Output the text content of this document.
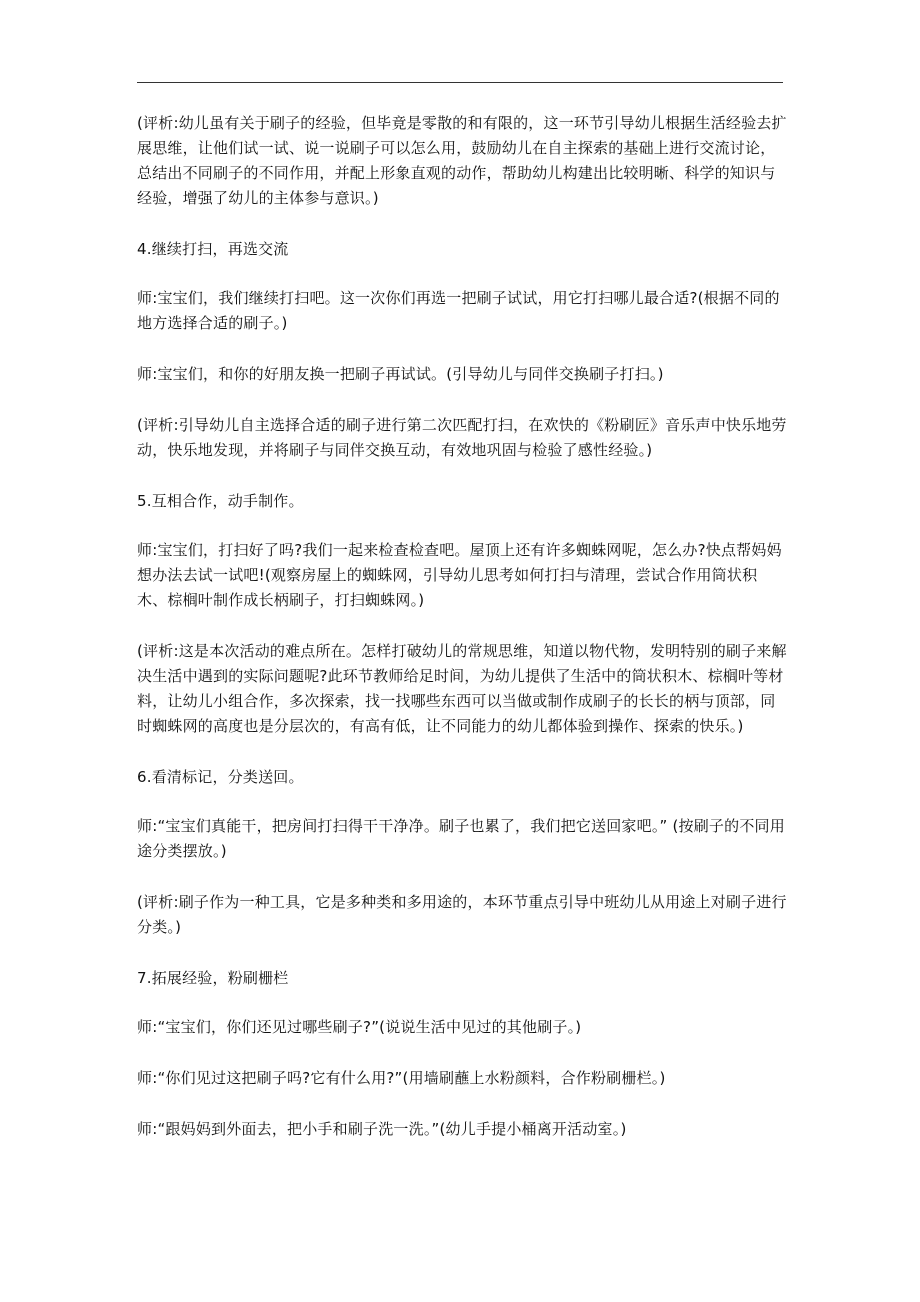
(评析:幼儿虽有关于刷子的经验，但毕竟是零散的和有限的，这一环节引导幼儿根据生活经验去扩展思维，让他们试一试、说一说刷子可以怎么用，鼓励幼儿在自主探索的基础上进行交流讨论，总结出不同刷子的不同作用，并配上形象直观的动作，帮助幼儿构建出比较明晰、科学的知识与经验，增强了幼儿的主体参与意识。)

4.继续打扫，再选交流

师:宝宝们，我们继续打扫吧。这一次你们再选一把刷子试试，用它打扫哪儿最合适?(根据不同的地方选择合适的刷子。)

师:宝宝们，和你的好朋友换一把刷子再试试。(引导幼儿与同伴交换刷子打扫。)

(评析:引导幼儿自主选择合适的刷子进行第二次匹配打扫，在欢快的《粉刷匠》音乐声中快乐地劳动，快乐地发现，并将刷子与同伴交换互动，有效地巩固与检验了感性经验。)

5.互相合作，动手制作。

师:宝宝们，打扫好了吗?我们一起来检查检查吧。屋顶上还有许多蜘蛛网呢，怎么办?快点帮妈妈想办法去试一试吧!(观察房屋上的蜘蛛网，引导幼儿思考如何打扫与清理，尝试合作用筒状积木、棕榈叶制作成长柄刷子，打扫蜘蛛网。)

(评析:这是本次活动的难点所在。怎样打破幼儿的常规思维，知道以物代物，发明特别的刷子来解决生活中遇到的实际问题呢?此环节教师给足时间，为幼儿提供了生活中的筒状积木、棕榈叶等材料，让幼儿小组合作，多次探索，找一找哪些东西可以当做或制作成刷子的长长的柄与顶部，同时蜘蛛网的高度也是分层次的，有高有低，让不同能力的幼儿都体验到操作、探索的快乐。)

6.看清标记，分类送回。

师:“宝宝们真能干，把房间打扫得干干净净。刷子也累了，我们把它送回家吧。” (按刷子的不同用途分类摆放。)

(评析:刷子作为一种工具，它是多种类和多用途的，本环节重点引导中班幼儿从用途上对刷子进行分类。)

7.拓展经验，粉刷栅栏

师:“宝宝们，你们还见过哪些刷子?”(说说生活中见过的其他刷子。)

师:“你们见过这把刷子吗?它有什么用?”(用墙刷蘸上水粉颜料，合作粉刷栅栏。)

师:“跟妈妈到外面去，把小手和刷子洗一洗。”(幼儿手提小桶离开活动室。)
